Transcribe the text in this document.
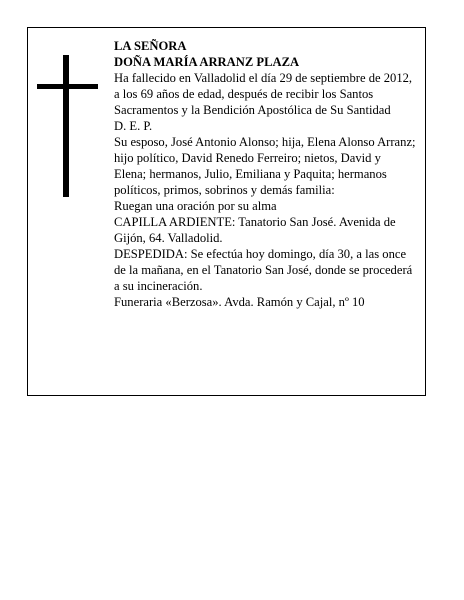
LA SEÑORA

DOÑA MARÍA ARRANZ PLAZA

Ha fallecido en Valladolid el día 29 de septiembre de 2012, a los 69 años de edad, después de recibir los Santos Sacramentos y la Bendición Apostólica de Su Santidad

D. E. P.

Su esposo, José Antonio Alonso; hija, Elena Alonso Arranz; hijo político, David Renedo Ferreiro; nietos, David y Elena; hermanos, Julio, Emiliana y Paquita; hermanos políticos, primos, sobrinos y demás familia:

Ruegan una oración por su alma

CAPILLA ARDIENTE: Tanatorio San José. Avenida de Gijón, 64. Valladolid.

DESPEDIDA: Se efectúa hoy domingo, día 30, a las once de la mañana, en el Tanatorio San José, donde se procederá a su incineración.

Funeraria «Berzosa». Avda. Ramón y Cajal, nº 10
